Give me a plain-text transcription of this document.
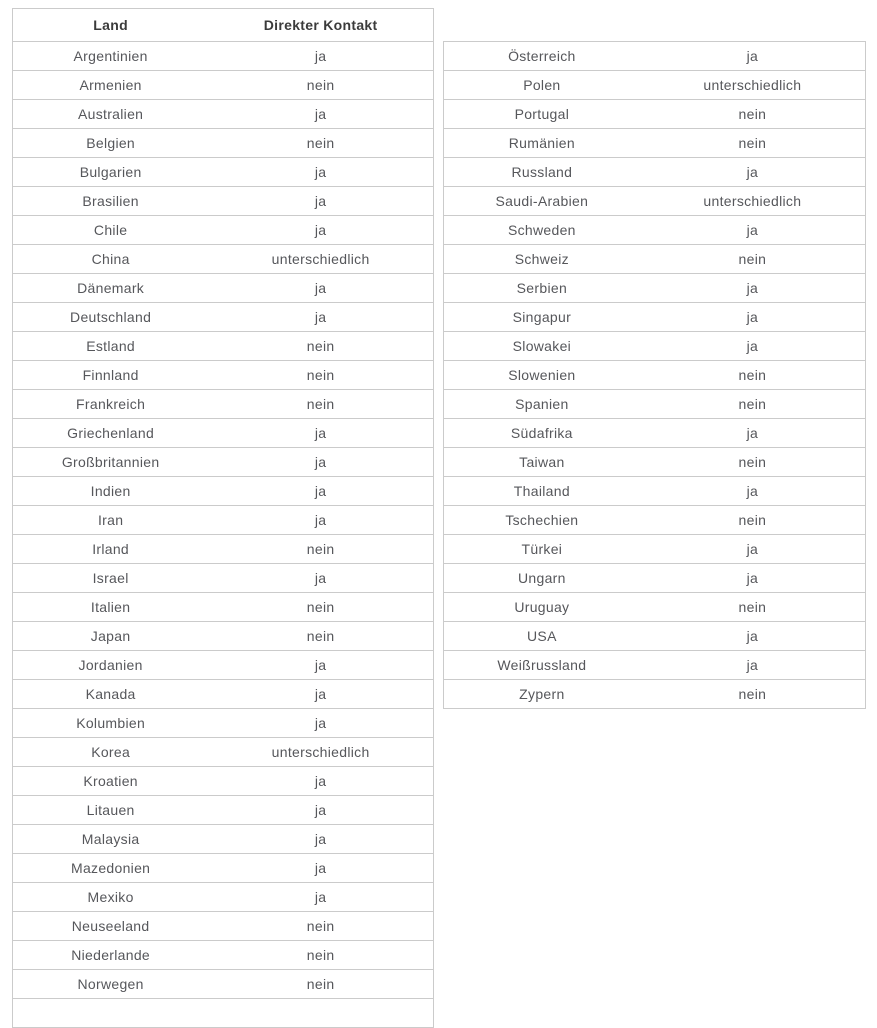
Land	Direkter Kontakt
Argentinien	ja
Armenien	nein
Australien	ja
Belgien	nein
Bulgarien	ja
Brasilien	ja
Chile	ja
China	unterschiedlich
Dänemark	ja
Deutschland	ja
Estland	nein
Finnland	nein
Frankreich	nein
Griechenland	ja
Großbritannien	ja
Indien	ja
Iran	ja
Irland	nein
Israel	ja
Italien	nein
Japan	nein
Jordanien	ja
Kanada	ja
Kolumbien	ja
Korea	unterschiedlich
Kroatien	ja
Litauen	ja
Malaysia	ja
Mazedonien	ja
Mexiko	ja
Neuseeland	nein
Niederlande	nein
Norwegen	nein

Österreich	ja
Polen	unterschiedlich
Portugal	nein
Rumänien	nein
Russland	ja
Saudi-Arabien	unterschiedlich
Schweden	ja
Schweiz	nein
Serbien	ja
Singapur	ja
Slowakei	ja
Slowenien	nein
Spanien	nein
Südafrika	ja
Taiwan	nein
Thailand	ja
Tschechien	nein
Türkei	ja
Ungarn	ja
Uruguay	nein
USA	ja
Weißrussland	ja
Zypern	nein
